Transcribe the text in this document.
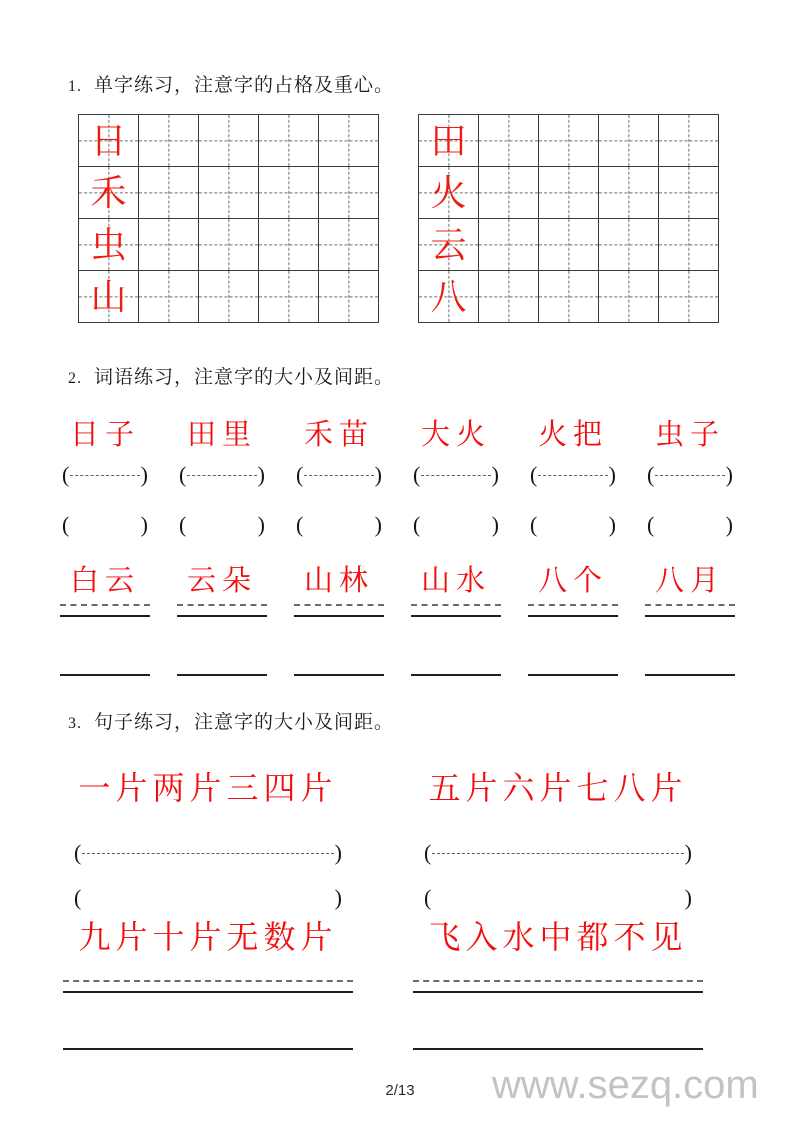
1. 单字练习，注意字的占格及重心。
日
禾
虫
山
田
火
云
八
2. 词语练习，注意字的大小及间距。
日子 田里 禾苗 大火 火把 虫子
(	) (	) (	) (	) (	) (	)
(	) (	) (	) (	) (	) (	)
白云 云朵 山林 山水 八个 八月
3. 句子练习，注意字的大小及间距。
一片两片三四片	五片六片七八片
(	)	(	)
(	)	(	)
九片十片无数片	飞入水中都不见
2/13 www.sezq.com
